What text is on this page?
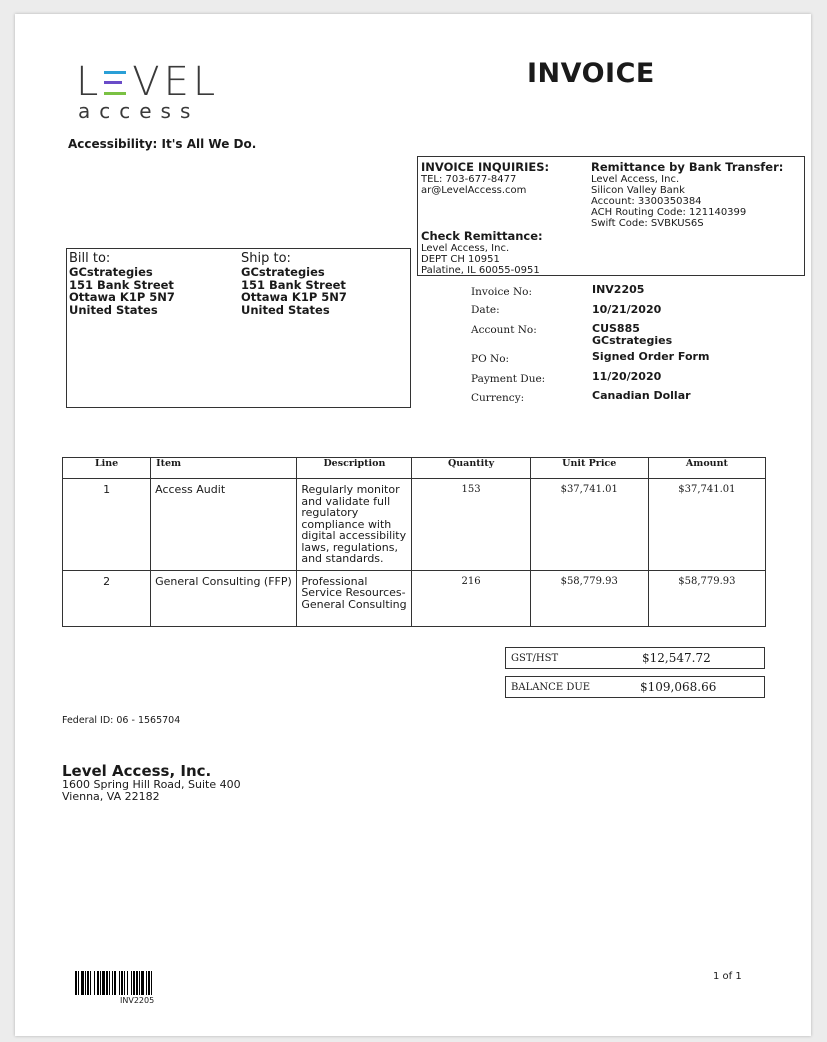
L VEL
access
Accessibility: It's All We Do.
INVOICE
INVOICE INQUIRIES:
TEL: 703-677-8477
ar@LevelAccess.com
Remittance by Bank Transfer:
Level Access, Inc.
Silicon Valley Bank
Account: 3300350384
ACH Routing Code: 121140399
Swift Code: SVBKUS6S
Check Remittance:
Level Access, Inc.
DEPT CH 10951
Palatine, IL 60055-0951
Bill to:
GCstrategies
151 Bank Street
Ottawa K1P 5N7
United States
Ship to:
GCstrategies
151 Bank Street
Ottawa K1P 5N7
United States
Invoice No:	INV2205
Date:	10/21/2020
Account No:	CUS885
GCstrategies
PO No:	Signed Order Form
Payment Due:	11/20/2020
Currency:	Canadian Dollar
Line	Item	Description	Quantity	Unit Price	Amount
1	Access Audit	Regularly monitor and validate full regulatory compliance with digital accessibility laws, regulations, and standards.	153	$37,741.01	$37,741.01
2	General Consulting (FFP)	Professional Service Resources-General Consulting	216	$58,779.93	$58,779.93
GST/HST	$12,547.72
BALANCE DUE	$109,068.66
Federal ID: 06 - 1565704
Level Access, Inc.
1600 Spring Hill Road, Suite 400
Vienna, VA 22182
INV2205
1 of 1
